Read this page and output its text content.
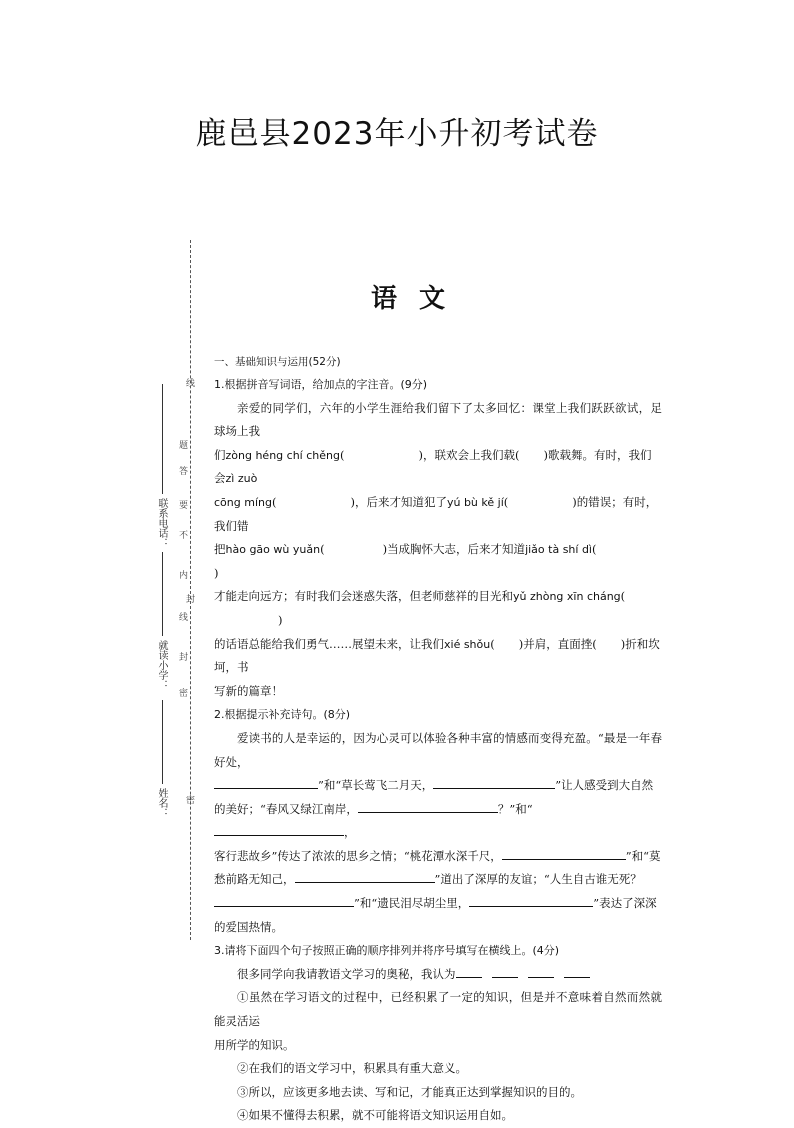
鹿邑县2023年小升初考试卷
语文
线
封
密
密
封
线
内
不
要
答
题
联系电话：
就读小学：
姓名：

一、基础知识与运用(52分)

1.根据拼音写词语，给加点的字注音。(9分)

亲爱的同学们，六年的小学生涯给我们留下了太多回忆：课堂上我们跃跃欲试，足球场上我

们zòng héng chí chěng(	)，联欢会上我们载( )歌载舞。有时，我们会zì zuò

cōng míng(	)，后来才知道犯了yú bù kě jí(	)的错误；有时，我们错

把hào gāo wù yuǎn(	)当成胸怀大志，后来才知道jiǎo tà shí dì()

才能走向远方；有时我们会迷惑失落，但老师慈祥的目光和yǔ zhòng xīn cháng()

的话语总能给我们勇气……展望未来，让我们xié shǒu( )并肩，直面挫( )折和坎坷，书

写新的篇章！

2.根据提示补充诗句。(8分)

爱读书的人是幸运的，因为心灵可以体验各种丰富的情感而变得充盈。“最是一年春好处，

”和“草长莺飞二月天，	”让人感受到大自然

的美好；“春风又绿江南岸，	？”和“，

客行悲故乡”传达了浓浓的思乡之情；“桃花潭水深千尺，	”和“莫

愁前路无知己，	”道出了深厚的友谊；“人生自古谁无死？

”和“遗民泪尽胡尘里，	”表达了深深

的爱国热情。

3.请将下面四个句子按照正确的顺序排列并将序号填写在横线上。(4分)

很多同学向我请教语文学习的奥秘，我认为

①虽然在学习语文的过程中，已经积累了一定的知识，但是并不意味着自然而然就能灵活运

用所学的知识。

②在我们的语文学习中，积累具有重大意义。

③所以，应该更多地去读、写和记，才能真正达到掌握知识的目的。

④如果不懂得去积累，就不可能将语文知识运用自如。
